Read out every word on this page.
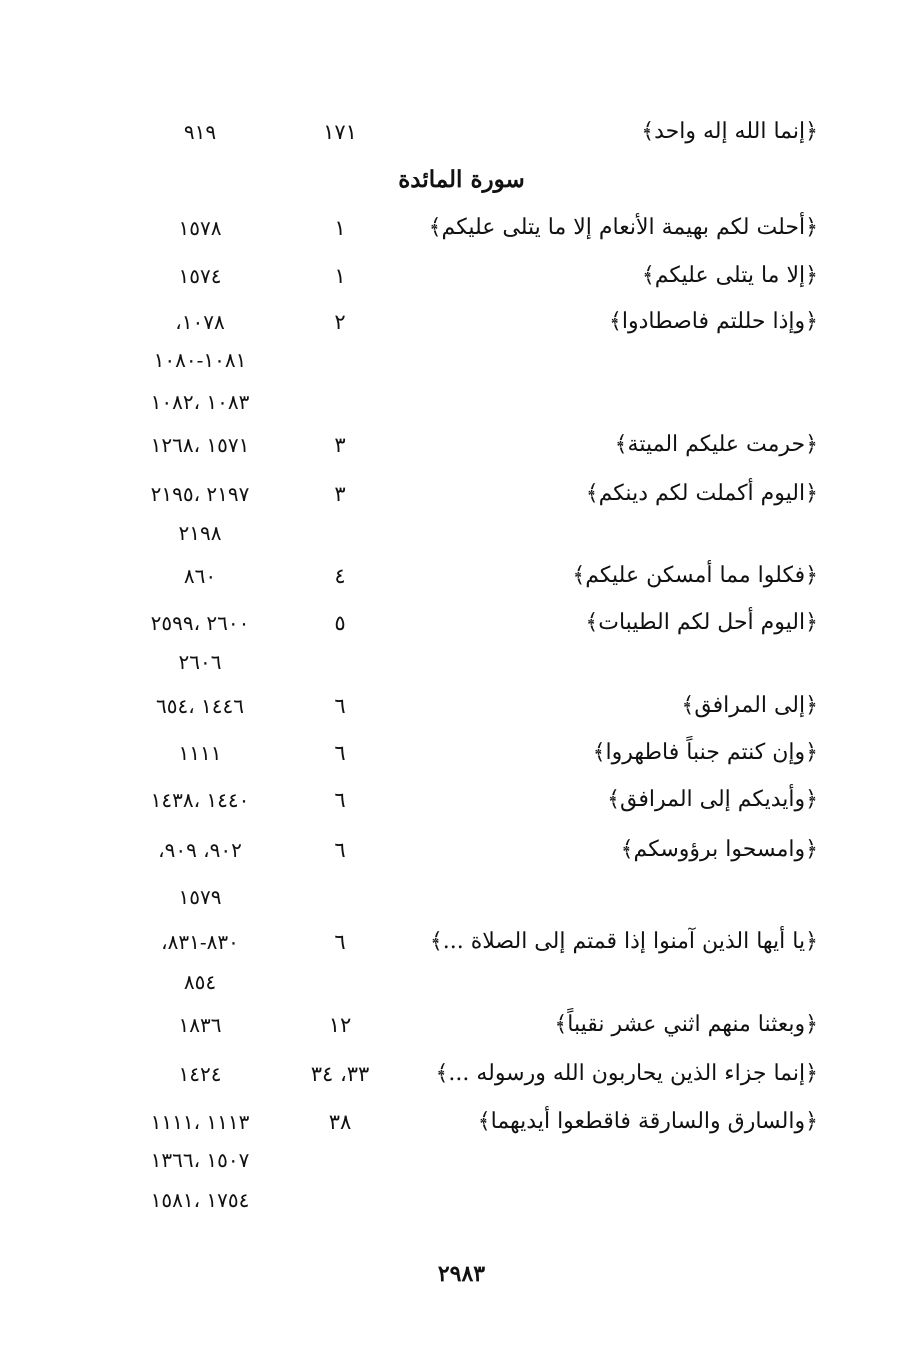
﴿إنما الله إله واحد﴾
١٧١
٩١٩
سورة المائدة
﴿أحلت لكم بهيمة الأنعام إلا ما يتلى عليكم﴾
١
١٥٧٨
﴿إلا ما يتلى عليكم﴾
١
١٥٧٤
﴿وإذا حللتم فاصطادوا﴾
٢
١٠٧٨،
١٠٨١-١٠٨٠
١٠٨٣ ،١٠٨٢
﴿حرمت عليكم الميتة﴾
٣
١٥٧١ ،١٢٦٨
﴿اليوم أكملت لكم دينكم﴾
٣
٢١٩٧ ،٢١٩٥
٢١٩٨
﴿فكلوا مما أمسكن عليكم﴾
٤
٨٦٠
﴿اليوم أحل لكم الطيبات﴾
٥
٢٦٠٠ ،٢٥٩٩
٢٦٠٦
﴿إلى المرافق﴾
٦
١٤٤٦ ،٦٥٤
﴿وإن كنتم جنباً فاطهروا﴾
٦
١١١١
﴿وأيديكم إلى المرافق﴾
٦
١٤٤٠ ،١٤٣٨
﴿وامسحوا برؤوسكم﴾
٦
٩٠٢، ٩٠٩،
١٥٧٩
﴿يا أيها الذين آمنوا إذا قمتم إلى الصلاة ...﴾
٦
٨٣٠-٨٣١،
٨٥٤
﴿وبعثنا منهم اثني عشر نقيباً﴾
١٢
١٨٣٦
﴿إنما جزاء الذين يحاربون الله ورسوله ...﴾
٣٣، ٣٤
١٤٢٤
﴿والسارق والسارقة فاقطعوا أيديهما﴾
٣٨
١١١٣ ،١١١١
١٥٠٧ ،١٣٦٦
١٧٥٤ ،١٥٨١
٢٩٨٣
